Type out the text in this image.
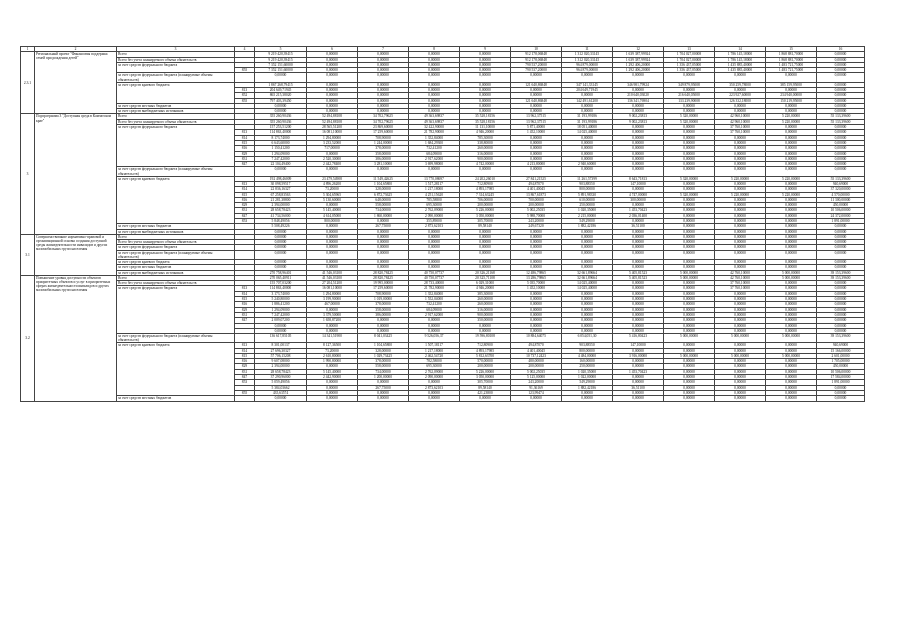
1	2	3	4	5	6	7	8	9	10	11	12	13	14	15	16
2.3.1	Региональный проект "Финансовая поддержка семей при рождении детей"	Всего		9 219 420,39415	0,00000	0,00000	0,00000	0,00000	912 178,06848	1 312 020,33145	1 639 387,99924	1 704 027,00008	1 786 145,18000	1 868 881,70000	0,00000
		Всего без учета планируемого объема обязательств		9 219 420,39415	0,00000	0,00000	0,00000	0,00000	912 178,06848	1 312 020,33145	1 639 387,99924	1 704 027,00008	1 786 145,18000	1 868 881,70000	0,00000
		за счет средств федерального бюджета		7 352 151,60000	0,00000	0,00000	0,00000	0,00000	790 537,20000	964 879,00000	1 292 406,20000	1 356 437,05000	1 435 885,40000	1 483 721,75000	0,00000
			855	7 352 151,60000	0,00000	0,00000	0,00000	0,00000	790 537,20000	964 879,00000	1 292 406,20000	1 356 437,05000	1 435 885,40000	1 483 721,75000	0,00000
		за счет средств федерального бюджета (планируемые объемы обязательств)		0,00000	0,00000	0,00000	0,00000	0,00000	0,00000	0,00000	0,00000	0,00000	0,00000	0,00000	0,00000
		за счет средств краевого бюджета		1 867 268,79415	0,00000	0,00000	0,00000	0,00000	121 640,86848	347 141,33145	346 981,79924	349 879,95008	350 259,78000	385 159,95000	0,00000
			813	204 649,71945	0,00000	0,00000	0,00000	0,00000	0,00000	204 649,71945	0,00000	0,00000	0,00000	0,00000	0,00000
			852	865 215,38020	0,00000	0,00000	0,00000	0,00000	0,00000	0,00000	210 640,03020	216 640,05000	223 927,60000	234 940,00000	0,00000
			855	797 403,39450	0,00000	0,00000	0,00000	0,00000	121 640,86848	142 491,61200	136 341,76904	133 239,90008	126 332,18000	150 219,95000	0,00000
		за счет средств местных бюджетов		0,00000	0,00000	0,00000	0,00000	0,00000	0,00000	0,00000	0,00000	0,00000	0,00000	0,00000	0,00000
		за счет средств внебюджетных источников		0,00000	0,00000	0,00000	0,00000	0,00000	0,00000	0,00000	0,00000	0,00000	0,00000	0,00000	0,00000
3	Подпрограмма 3 "Доступная среда в Камчатском крае"	Всего		355 260,90436	52 494,88108	34 702,79625	49 363,69837	35 528,18156	13 962,37515	31 193,99186	9 002,23813	5 320,00000	42 960,10000	5 220,00000	55 133,39600
		Всего без учета планируемого объема обязательств		355 260,90436	52 494,88108	34 702,79625	49 363,69837	35 528,18156	13 962,37515	31 193,99186	9 002,23813	5 320,00000	42 960,10000	5 220,00000	55 133,39600
		за счет средств федерального бюджета		157 253,51200	28 565,51200	23 869,60000	32 422,90000	11 131,10000	5 871,40000	18 051,40000	0,00000	0,00000	37 760,10000	0,00000	0,00000
			813	114 863,40000	16 081,10000	17 259,60000	21 782,90000	4 946,20000	1 452,10000	14 025,40000	0,00000	0,00000	37 760,10000	0,00000	0,00000
			814	8 173,74000	1 294,80000	708,90000	1 352,84000	785,30000	0,00000	0,00000	0,00000	0,00000	0,00000	0,00000	0,00000
			815	6 643,60000	3 233,52000	1 244,00000	1 684,29300	338,80000	0,00000	0,00000	0,00000	0,00000	0,00000	0,00000	0,00000
			816	1 150,41200	717,00000	378,00000	732,41200	260,00000	0,00000	0,00000	0,00000	0,00000	0,00000	0,00000	0,00000
			829	1 294,09000	0,00000	358,00000	684,09000	316,00000	0,00000	0,00000	0,00000	0,00000	0,00000	0,00000	0,00000
			831	7 247,42000	2 520,30000	386,00000	2 917,62000	900,00000	0,00000	0,00000	0,00000	0,00000	0,00000	0,00000	0,00000
			847	22 104,49400	2 442,78400	3 281,10000	3 699,98000	4 742,00000	4 213,80000	2 940,60000	0,00000	0,00000	0,00000	0,00000	0,00000
		за счет средств федерального бюджета (планируемые объемы обязательств)		0,00000	0,00000	0,00000	0,00000	0,00000	0,00000	0,00000	0,00000	0,00000	0,00000	0,00000	0,00000
		за счет средств краевого бюджета		192 498,46009	23 479,54908	11 549,42625	13 770,08697	24 202,26010	27 841,21525	11 261,57399	8 643,71813	5 320,00000	5 220,00000	5 220,00000	55 133,39600
			813	30 098,59517	4 896,26200	1 104,65800	1 517,28117	712,80900	494,87070	903,88550	147,10000	0,00000	0,00000	0,00000	940,69000
			814	22 836,16327	73,20000	328,00000	1 217,18000	4 893,17985	4 401,40045	800,00000	0,00000	0,00000	0,00000	0,00000	37 320,00000
			815	67 258,83563	5 304,65965	6 872,73625	4 251,15620	7 314,63245	13 867,61873	5 891,98330	4 747,00000	5 320,00000	5 220,00000	5 220,00000	4 570,00000
			816	21 281,38800	5 130,60000	648,00000	785,58800	706,00000	700,00000	610,00000	300,00000	0,00000	0,00000	0,00000	11 300,00000
			829	2 394,00000	0,00000	558,00000	695,30000	200,00000	200,00000	250,00000	0,00000	0,00000	0,00000	0,00000	450,00000
			831	28 658,78423	5 145,40000	734,00000	2 762,09000	5 226,00000	5 002,25035	1 020,35000	1 453,70423	0,00000	0,00000	0,00000	10 506,00000
			847	41 734,56000	4 614,05000	1 860,00000	2 090,00000	3 050,00000	5 988,70000	2 215,00000	2 036,01400	0,00000	0,00000	0,00000	24 372,00000
			853	5 848,49056	800,00000	0,00000	355,89000	305,70000	243,20000	549,29000	0,00000	0,00000	0,00000	0,00000	1 891,00000
		за счет средств местных бюджетов		5 508,49226	0,00000	267,75000	2 873,62103	89,58140	249,67320	1 882,42186	36,51100	0,00000	0,00000	0,00000	0,00000
		за счет средств внебюджетных источников		0,00000	0,00000	0,00000	0,00000	0,00000	0,00000	0,00000	0,00000	0,00000	0,00000	0,00000	0,00000
3.1	Совершенствование нормативно-правовой и организационной основы создания доступной среды жизнедеятельности инвалидов и других маломобильных групп населения	Всего		0,00000	0,00000	0,00000	0,00000	0,00000	0,00000	0,00000	0,00000	0,00000	0,00000	0,00000	0,00000
		Всего без учета планируемого объема обязательств		0,00000	0,00000	0,00000	0,00000	0,00000	0,00000	0,00000	0,00000	0,00000	0,00000	0,00000	0,00000
		за счет средств федерального бюджета		0,00000	0,00000	0,00000	0,00000	0,00000	0,00000	0,00000	0,00000	0,00000	0,00000	0,00000	0,00000
		за счет средств федерального бюджета (планируемые объемы обязательств)		0,00000	0,00000	0,00000	0,00000	0,00000	0,00000	0,00000	0,00000	0,00000	0,00000	0,00000	0,00000
		за счет средств краевого бюджета		0,00000	0,00000	0,00000	0,00000	0,00000	0,00000	0,00000	0,00000	0,00000	0,00000	0,00000	0,00000
		за счет средств местных бюджетов		0,00000	0,00000	0,00000	0,00000	0,00000	0,00000	0,00000	0,00000	0,00000	0,00000	0,00000	0,00000
		за счет средств внебюджетных источников		270 758,96401	41 546,03100	28 820,78425	40 750,07737	20 326,21168	12 486,79865	32 661,89664	5 405,81523	5 000,00000	42 760,10000	5 000,00000	39 153,39600
3.2	Повышение уровня доступности объектов приоритетных объектов и услуг в приоритетных сферах жизнедеятельности инвалидов и других маломобильных групп населения	Всего		270 065,40911	41 546,03100	28 820,78425	40 750,07737	20 325,71108	13 286,79865	32 661,89664	5 405,81523	5 000,00000	42 760,10000	5 000,00000	39 153,39600
		Всего без учета планируемого объема обязательств		155 707,03200	27 204,51200	19 995,00000	28 733,40000	6 029,31000	5 035,70000	14 025,40000	0,00000	0,00000	37 760,10000	0,00000	0,00000
		за счет средств федерального бюджета	813	114 863,40000	16 081,10000	17 259,60000	21 782,90000	4 946,20000	1 452,10000	14 025,40000	0,00000	0,00000	37 760,10000	0,00000	0,00000
			814	3 173,74000	1 294,80000	708,90000	1 352,84000	385,30000	0,00000	0,00000	0,00000	0,00000	0,00000	0,00000	0,00000
			815	5 240,80000	3 199,90000	1 019,00000	1 552,04000	260,00000	0,00000	0,00000	0,00000	0,00000	0,00000	0,00000	0,00000
			816	1 886,41200	467,00000	378,00000	732,41200	260,00000	0,00000	0,00000	0,00000	0,00000	0,00000	0,00000	0,00000
			829	1 294,09000	0,00000	358,00000	684,09000	316,00000	0,00000	0,00000	0,00000	0,00000	0,00000	0,00000	0,00000
			831	7 247,42000	3 379,50000	386,00000	2 917,62000	900,00000	0,00000	0,00000	0,00000	0,00000	0,00000	0,00000	0,00000
			847	2 009,07200	1 658,87200	0,00000	0,00000	350,00000	0,00000	0,00000	0,00000	0,00000	0,00000	0,00000	0,00000
				0,00000	0,00000	0,00000	0,00000	0,00000	0,00000	0,00000	0,00000	0,00000	0,00000	0,00000	0,00000
				0,00000	0,00000	0,00000	0,00000	0,00000	0,00000	0,00000	0,00000	0,00000	0,00000	0,00000	0,00000
		за счет средств федерального бюджета (планируемые объемы обязательств)		136 617,85105	14 341,51900	8 041,03425	9 526,056,37	19 596,80108	10 884,64075	6 054,051,30	5 416,80423	5 000,00000	5 000,00000	5 000,00000	39 153,39600
		за счет средств краевого бюджета	813	8 301,00137	8 127,36500	1 104,65800	1 507,18117	712,80900	494,87070	903,88550	147,10000	0,00000	0,00000	0,00000	940,69000
			814	27 696,30327	73,20000	328,00000	1 217,18000	4 893,17985	4 401,40045	800,00000	0,00000	0,00000	0,00000	0,00000	15 166,00000
			815	57 706,15208	2 610,80000	1 029,73425	2 462,54720	5 812,63700	10 737,12423	4 484,00000	3 916,00000	5 000,00000	5 000,00000	5 000,00000	2 601,00000
			816	9 607,08000	1 990,80000	378,00000	782,58000	570,00000	480,00000	160,00000	0,00000	0,00000	0,00000	0,00000	1 705,00000
			829	2 394,00000	0,00000	558,00000	695,30000	200,00000	200,00000	250,00000	0,00000	0,00000	0,00000	0,00000	450,00000
			831	28 658,78423	5 145,40000	734,00000	2 762,09000	5 226,00000	5 002,25035	1 020,35000	1 453,70423	0,00000	0,00000	0,00000	10 506,00000
			847	37 290,96000	2 442,90000	1 200,00000	2 090,00000	3 050,00000	5 125,00000	1 022,00000	0,00000	0,00000	0,00000	0,00000	17 584,00000
			853	5 059,49056	0,00000	0,00000	0,00000	305,70000	243,20000	549,29000	0,00000	0,00000	0,00000	0,00000	1 891,00000
				5 384,03662	0,00000	267,75000	2 873,62103	89,58140	91,36169	1 882,42186	36,51100	0,00000	0,00000	0,00000	0,00000
			855	435,63574	0,00000	0,00000	0,00000	421,23800	123,99474	0,00000	0,00000	0,00000	0,00000	0,00000	0,00000
		за счет средств местных бюджетов		0,00000	0,00000	0,00000	0,00000	0,00000	0,00000	0,00000	0,00000	0,00000	0,00000	0,00000	0,00000
